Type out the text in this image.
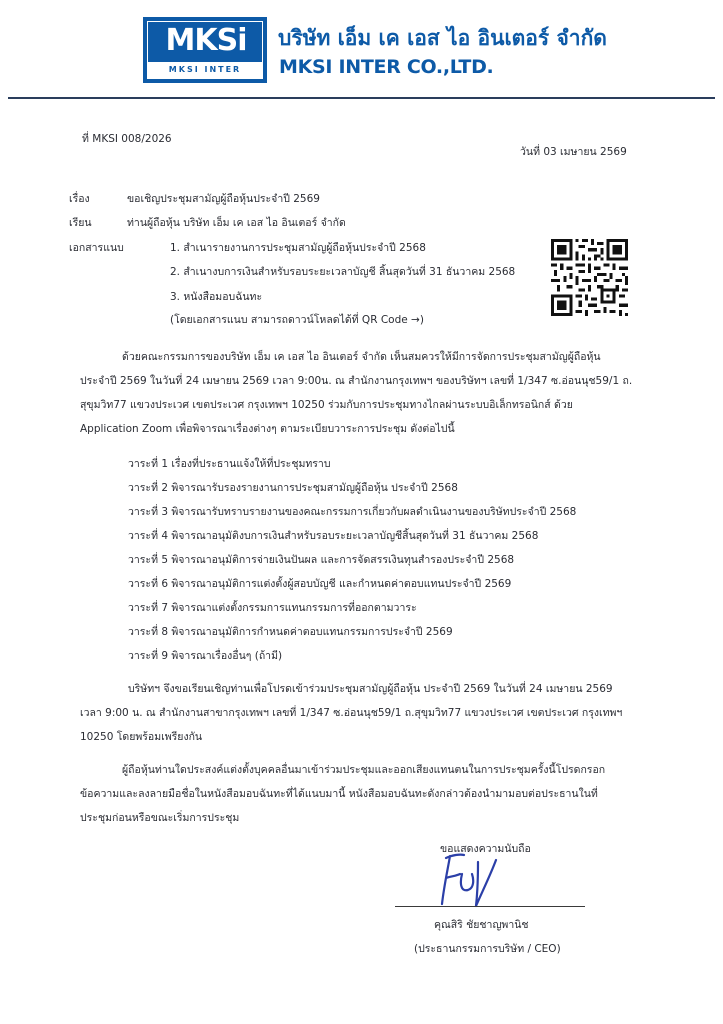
MKSi
MKSI INTER
บริษัท เอ็ม เค เอส ไอ อินเตอร์ จำกัด
MKSI INTER CO.,LTD.
ที่ MKSI 008/2026
วันที่ 03 เมษายน 2569
เรื่อง	ขอเชิญประชุมสามัญผู้ถือหุ้นประจำปี 2569
เรียน	ท่านผู้ถือหุ้น บริษัท เอ็ม เค เอส ไอ อินเตอร์ จำกัด
เอกสารแนบ	1. สำเนารายงานการประชุมสามัญผู้ถือหุ้นประจำปี 2568
2. สำเนางบการเงินสำหรับรอบระยะเวลาบัญชี สิ้นสุดวันที่ 31 ธันวาคม 2568
3. หนังสือมอบฉันทะ
(โดยเอกสารแนบ สามารถดาวน์โหลดได้ที่ QR Code →)
ด้วยคณะกรรมการของบริษัท เอ็ม เค เอส ไอ อินเตอร์ จำกัด เห็นสมควรให้มีการจัดการประชุมสามัญผู้ถือหุ้น
ประจำปี 2569 ในวันที่ 24 เมษายน 2569 เวลา 9:00น. ณ สำนักงานกรุงเทพฯ ของบริษัทฯ เลขที่ 1/347 ซ.อ่อนนุช59/1 ถ.
สุขุมวิท77 แขวงประเวศ เขตประเวศ กรุงเทพฯ 10250 ร่วมกับการประชุมทางไกลผ่านระบบอิเล็กทรอนิกส์ ด้วย
Application Zoom เพื่อพิจารณาเรื่องต่างๆ ตามระเบียบวาระการประชุม ดังต่อไปนี้
วาระที่ 1 เรื่องที่ประธานแจ้งให้ที่ประชุมทราบ
วาระที่ 2 พิจารณารับรองรายงานการประชุมสามัญผู้ถือหุ้น ประจำปี 2568
วาระที่ 3 พิจารณารับทราบรายงานของคณะกรรมการเกี่ยวกับผลดำเนินงานของบริษัทประจำปี 2568
วาระที่ 4 พิจารณาอนุมัติงบการเงินสำหรับรอบระยะเวลาบัญชีสิ้นสุดวันที่ 31 ธันวาคม 2568
วาระที่ 5 พิจารณาอนุมัติการจ่ายเงินปันผล และการจัดสรรเงินทุนสำรองประจำปี 2568
วาระที่ 6 พิจารณาอนุมัติการแต่งตั้งผู้สอบบัญชี และกำหนดค่าตอบแทนประจำปี 2569
วาระที่ 7 พิจารณาแต่งตั้งกรรมการแทนกรรมการที่ออกตามวาระ
วาระที่ 8 พิจารณาอนุมัติการกำหนดค่าตอบแทนกรรมการประจำปี 2569
วาระที่ 9 พิจารณาเรื่องอื่นๆ (ถ้ามี)
บริษัทฯ จึงขอเรียนเชิญท่านเพื่อโปรดเข้าร่วมประชุมสามัญผู้ถือหุ้น ประจำปี 2569 ในวันที่ 24 เมษายน 2569
เวลา 9:00 น. ณ สำนักงานสาขากรุงเทพฯ เลขที่ 1/347 ซ.อ่อนนุช59/1 ถ.สุขุมวิท77 แขวงประเวศ เขตประเวศ กรุงเทพฯ
10250 โดยพร้อมเพรียงกัน
ผู้ถือหุ้นท่านใดประสงค์แต่งตั้งบุคคลอื่นมาเข้าร่วมประชุมและออกเสียงแทนตนในการประชุมครั้งนี้โปรดกรอก
ข้อความและลงลายมือชื่อในหนังสือมอบฉันทะที่ได้แนบมานี้ หนังสือมอบฉันทะดังกล่าวต้องนำมามอบต่อประธานในที่
ประชุมก่อนหรือขณะเริ่มการประชุม
ขอแสดงความนับถือ
คุณสิริ ชัยชาญพานิช
(ประธานกรรมการบริษัท / CEO)
